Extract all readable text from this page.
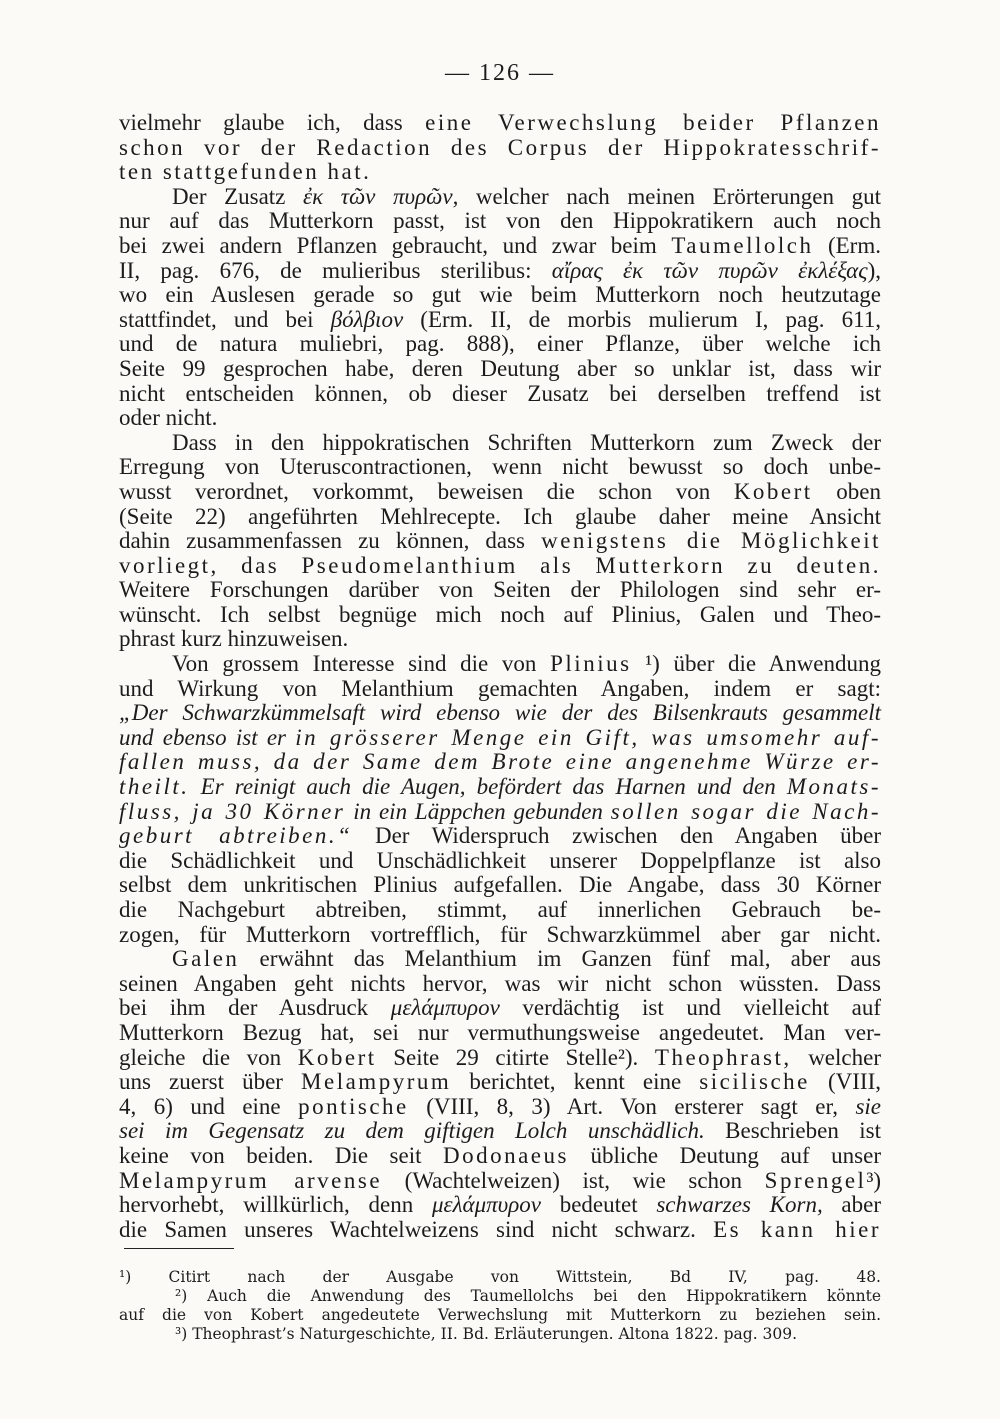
— 126 —
vielmehr glaube ich, dass eine Verwechslung beider Pflanzen
schon vor der Redaction des Corpus der Hippokratesschrif-
ten stattgefunden hat.
Der Zusatz ἐκ τῶν πυρῶν, welcher nach meinen Erörterungen gut
nur auf das Mutterkorn passt, ist von den Hippokratikern auch noch
bei zwei andern Pflanzen gebraucht, und zwar beim Taumellolch (Erm.
II, pag. 676, de mulieribus sterilibus: αἴρας ἐκ τῶν πυρῶν ἐκλέξας),
wo ein Auslesen gerade so gut wie beim Mutterkorn noch heutzutage
stattfindet, und bei βόλβιον (Erm. II, de morbis mulierum I, pag. 611,
und de natura muliebri, pag. 888), einer Pflanze, über welche ich
Seite 99 gesprochen habe, deren Deutung aber so unklar ist, dass wir
nicht entscheiden können, ob dieser Zusatz bei derselben treffend ist
oder nicht.
Dass in den hippokratischen Schriften Mutterkorn zum Zweck der
Erregung von Uteruscontractionen, wenn nicht bewusst so doch unbe-
wusst verordnet, vorkommt, beweisen die schon von Kobert oben
(Seite 22) angeführten Mehlrecepte. Ich glaube daher meine Ansicht
dahin zusammenfassen zu können, dass wenigstens die Möglichkeit
vorliegt, das Pseudomelanthium als Mutterkorn zu deuten.
Weitere Forschungen darüber von Seiten der Philologen sind sehr er-
wünscht. Ich selbst begnüge mich noch auf Plinius, Galen und Theo-
phrast kurz hinzuweisen.
Von grossem Interesse sind die von Plinius ¹) über die Anwendung
und Wirkung von Melanthium gemachten Angaben, indem er sagt:
„Der Schwarzkümmelsaft wird ebenso wie der des Bilsenkrauts gesammelt
und ebenso ist er in grösserer Menge ein Gift, was umsomehr auf-
fallen muss, da der Same dem Brote eine angenehme Würze er-
theilt. Er reinigt auch die Augen, befördert das Harnen und den Monats-
fluss, ja 30 Körner in ein Läppchen gebunden sollen sogar die Nach-
geburt abtreiben.“ Der Widerspruch zwischen den Angaben über
die Schädlichkeit und Unschädlichkeit unserer Doppelpflanze ist also
selbst dem unkritischen Plinius aufgefallen. Die Angabe, dass 30 Körner
die Nachgeburt abtreiben, stimmt, auf innerlichen Gebrauch be-
zogen, für Mutterkorn vortrefflich, für Schwarzkümmel aber gar nicht.
Galen erwähnt das Melanthium im Ganzen fünf mal, aber aus
seinen Angaben geht nichts hervor, was wir nicht schon wüssten. Dass
bei ihm der Ausdruck μελάμπυρον verdächtig ist und vielleicht auf
Mutterkorn Bezug hat, sei nur vermuthungsweise angedeutet. Man ver-
gleiche die von Kobert Seite 29 citirte Stelle²). Theophrast, welcher
uns zuerst über Melampyrum berichtet, kennt eine sicilische (VIII,
4, 6) und eine pontische (VIII, 8, 3) Art. Von ersterer sagt er, sie
sei im Gegensatz zu dem giftigen Lolch unschädlich. Beschrieben ist
keine von beiden. Die seit Dodonaeus übliche Deutung auf unser
Melampyrum arvense (Wachtelweizen) ist, wie schon Sprengel³)
hervorhebt, willkürlich, denn μελάμπυρον bedeutet schwarzes Korn, aber
die Samen unseres Wachtelweizens sind nicht schwarz. Es kann hier
¹) Citirt nach der Ausgabe von Wittstein, Bd IV, pag. 48.
²) Auch die Anwendung des Taumellolchs bei den Hippokratikern könnte
auf die von Kobert angedeutete Verwechslung mit Mutterkorn zu beziehen sein.
³) Theophrast’s Naturgeschichte, II. Bd. Erläuterungen. Altona 1822. pag. 309.
